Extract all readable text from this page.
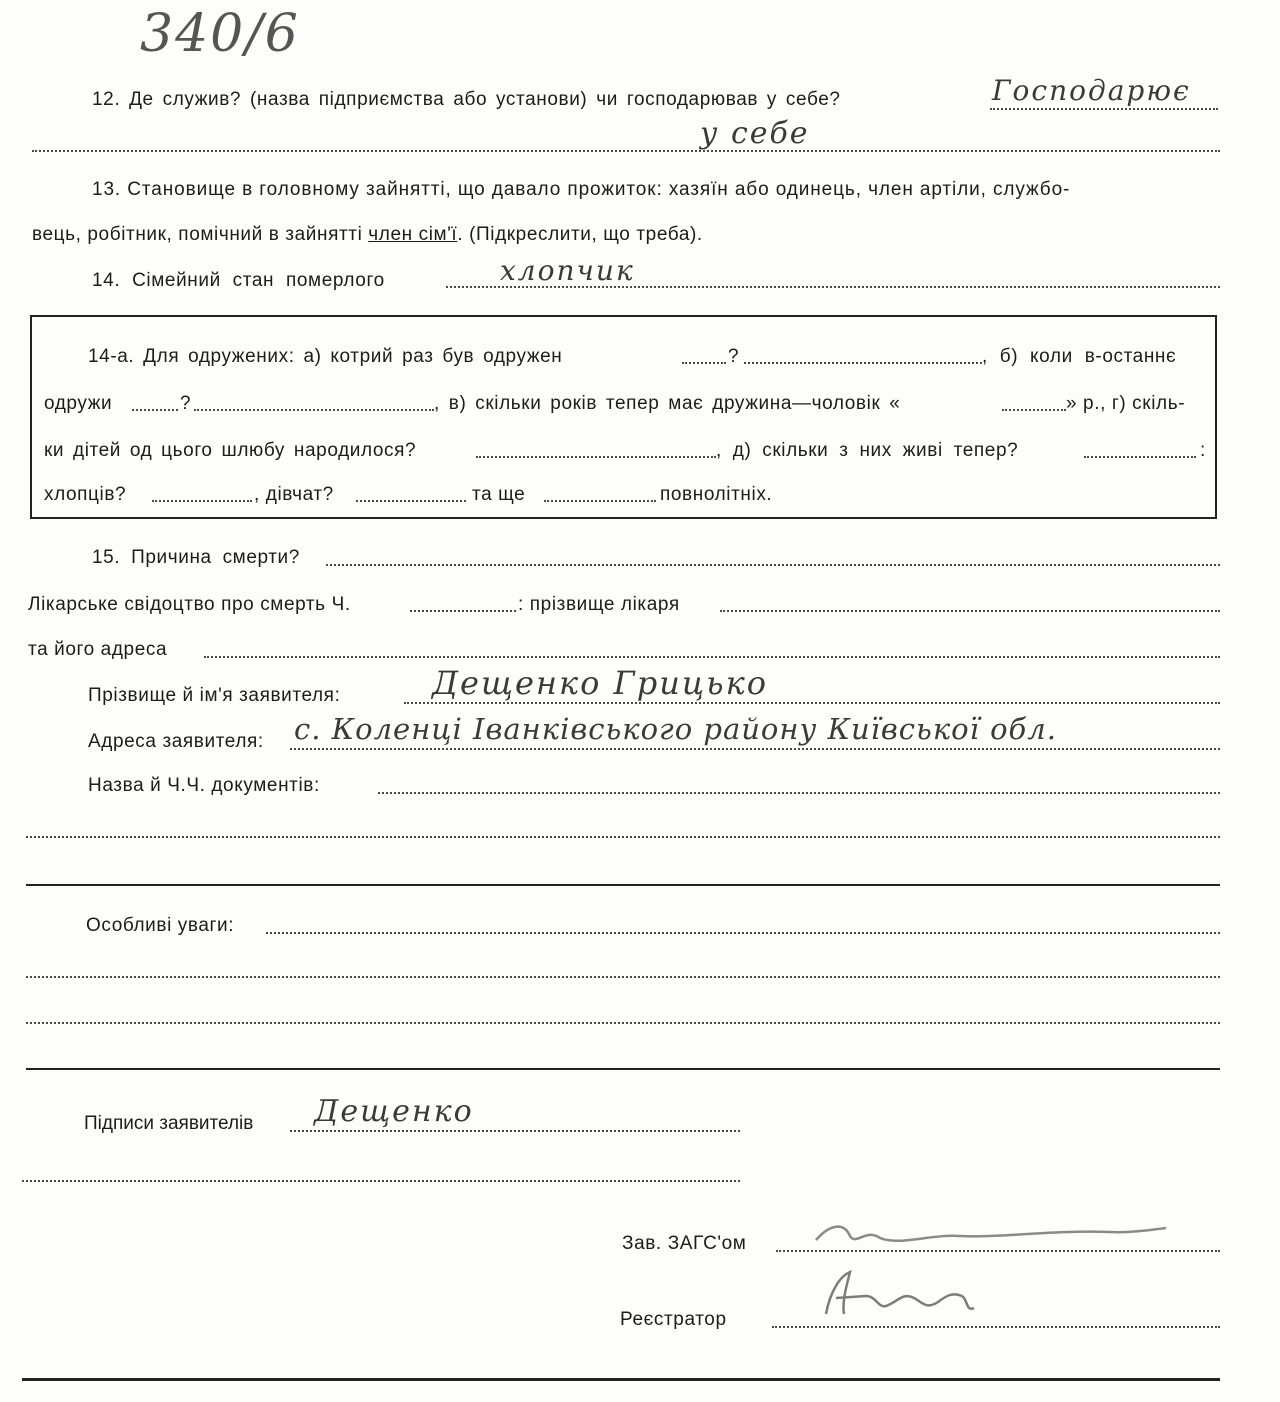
340/6
12. Де служив? (назва підприємства або установи) чи господарював у себе?	Господарює
у себе
13. Становище в головному зайнятті, що давало прожиток: хазяїн або одинець, член артіли, службо-
вець, робітник, помічний в зайнятті член сім'ї. (Підкреслити, що треба).
14. Сімейний стан померлого	хлопчик
14-а. Для одружених: а) котрий раз був одружен	?	, б) коли в-останнє
одружи	?	, в) скільки років тепер має дружина—чоловік «	» р., г) скіль-
ки дітей од цього шлюбу народилося?	, д) скільки з них живі тепер?	:
хлопців?	, дівчат?	та ще	повнолітніх.
15. Причина смерти?
Лікарське свідоцтво про смерть Ч.	: прізвище лікаря
та його адреса
Прізвище й ім'я заявителя:	Дещенко Грицько
Адреса заявителя: с. Коленці Іванківського району Київської обл.
Назва й Ч.Ч. документів:
Особливі уваги:
Підписи заявителів Дещенко
Зав. ЗАГС'ом
Реєстратор
